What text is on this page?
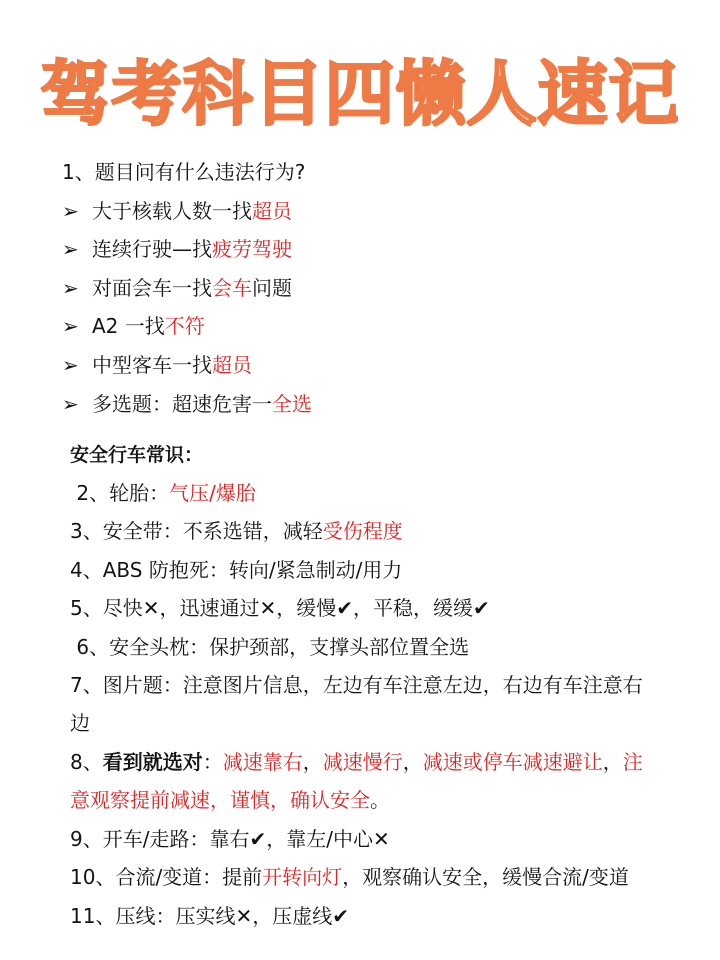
驾考科目四懒人速记
1、题目问有什么违法行为?
➢ 大于核载人数一找超员
➢ 连续行驶—找疲劳驾驶
➢ 对面会车一找会车问题
➢ A2 一找不符
➢ 中型客车一找超员
➢ 多选题：超速危害一全选
安全行车常识：
2、轮胎：气压/爆胎
3、安全带：不系选错，减轻受伤程度
4、ABS 防抱死：转向/紧急制动/用力
5、尽快✕，迅速通过✕，缓慢✔，平稳，缓缓✔
6、安全头枕：保护颈部，支撑头部位置全选
7、图片题：注意图片信息，左边有车注意左边，右边有车注意右
边
8、看到就选对：减速靠右，减速慢行，减速或停车减速避让，注
意观察提前减速，谨慎，确认安全。
9、开车/走路：靠右✔，靠左/中心✕
10、合流/变道：提前开转向灯，观察确认安全，缓慢合流/变道
11、压线：压实线✕，压虚线✔
